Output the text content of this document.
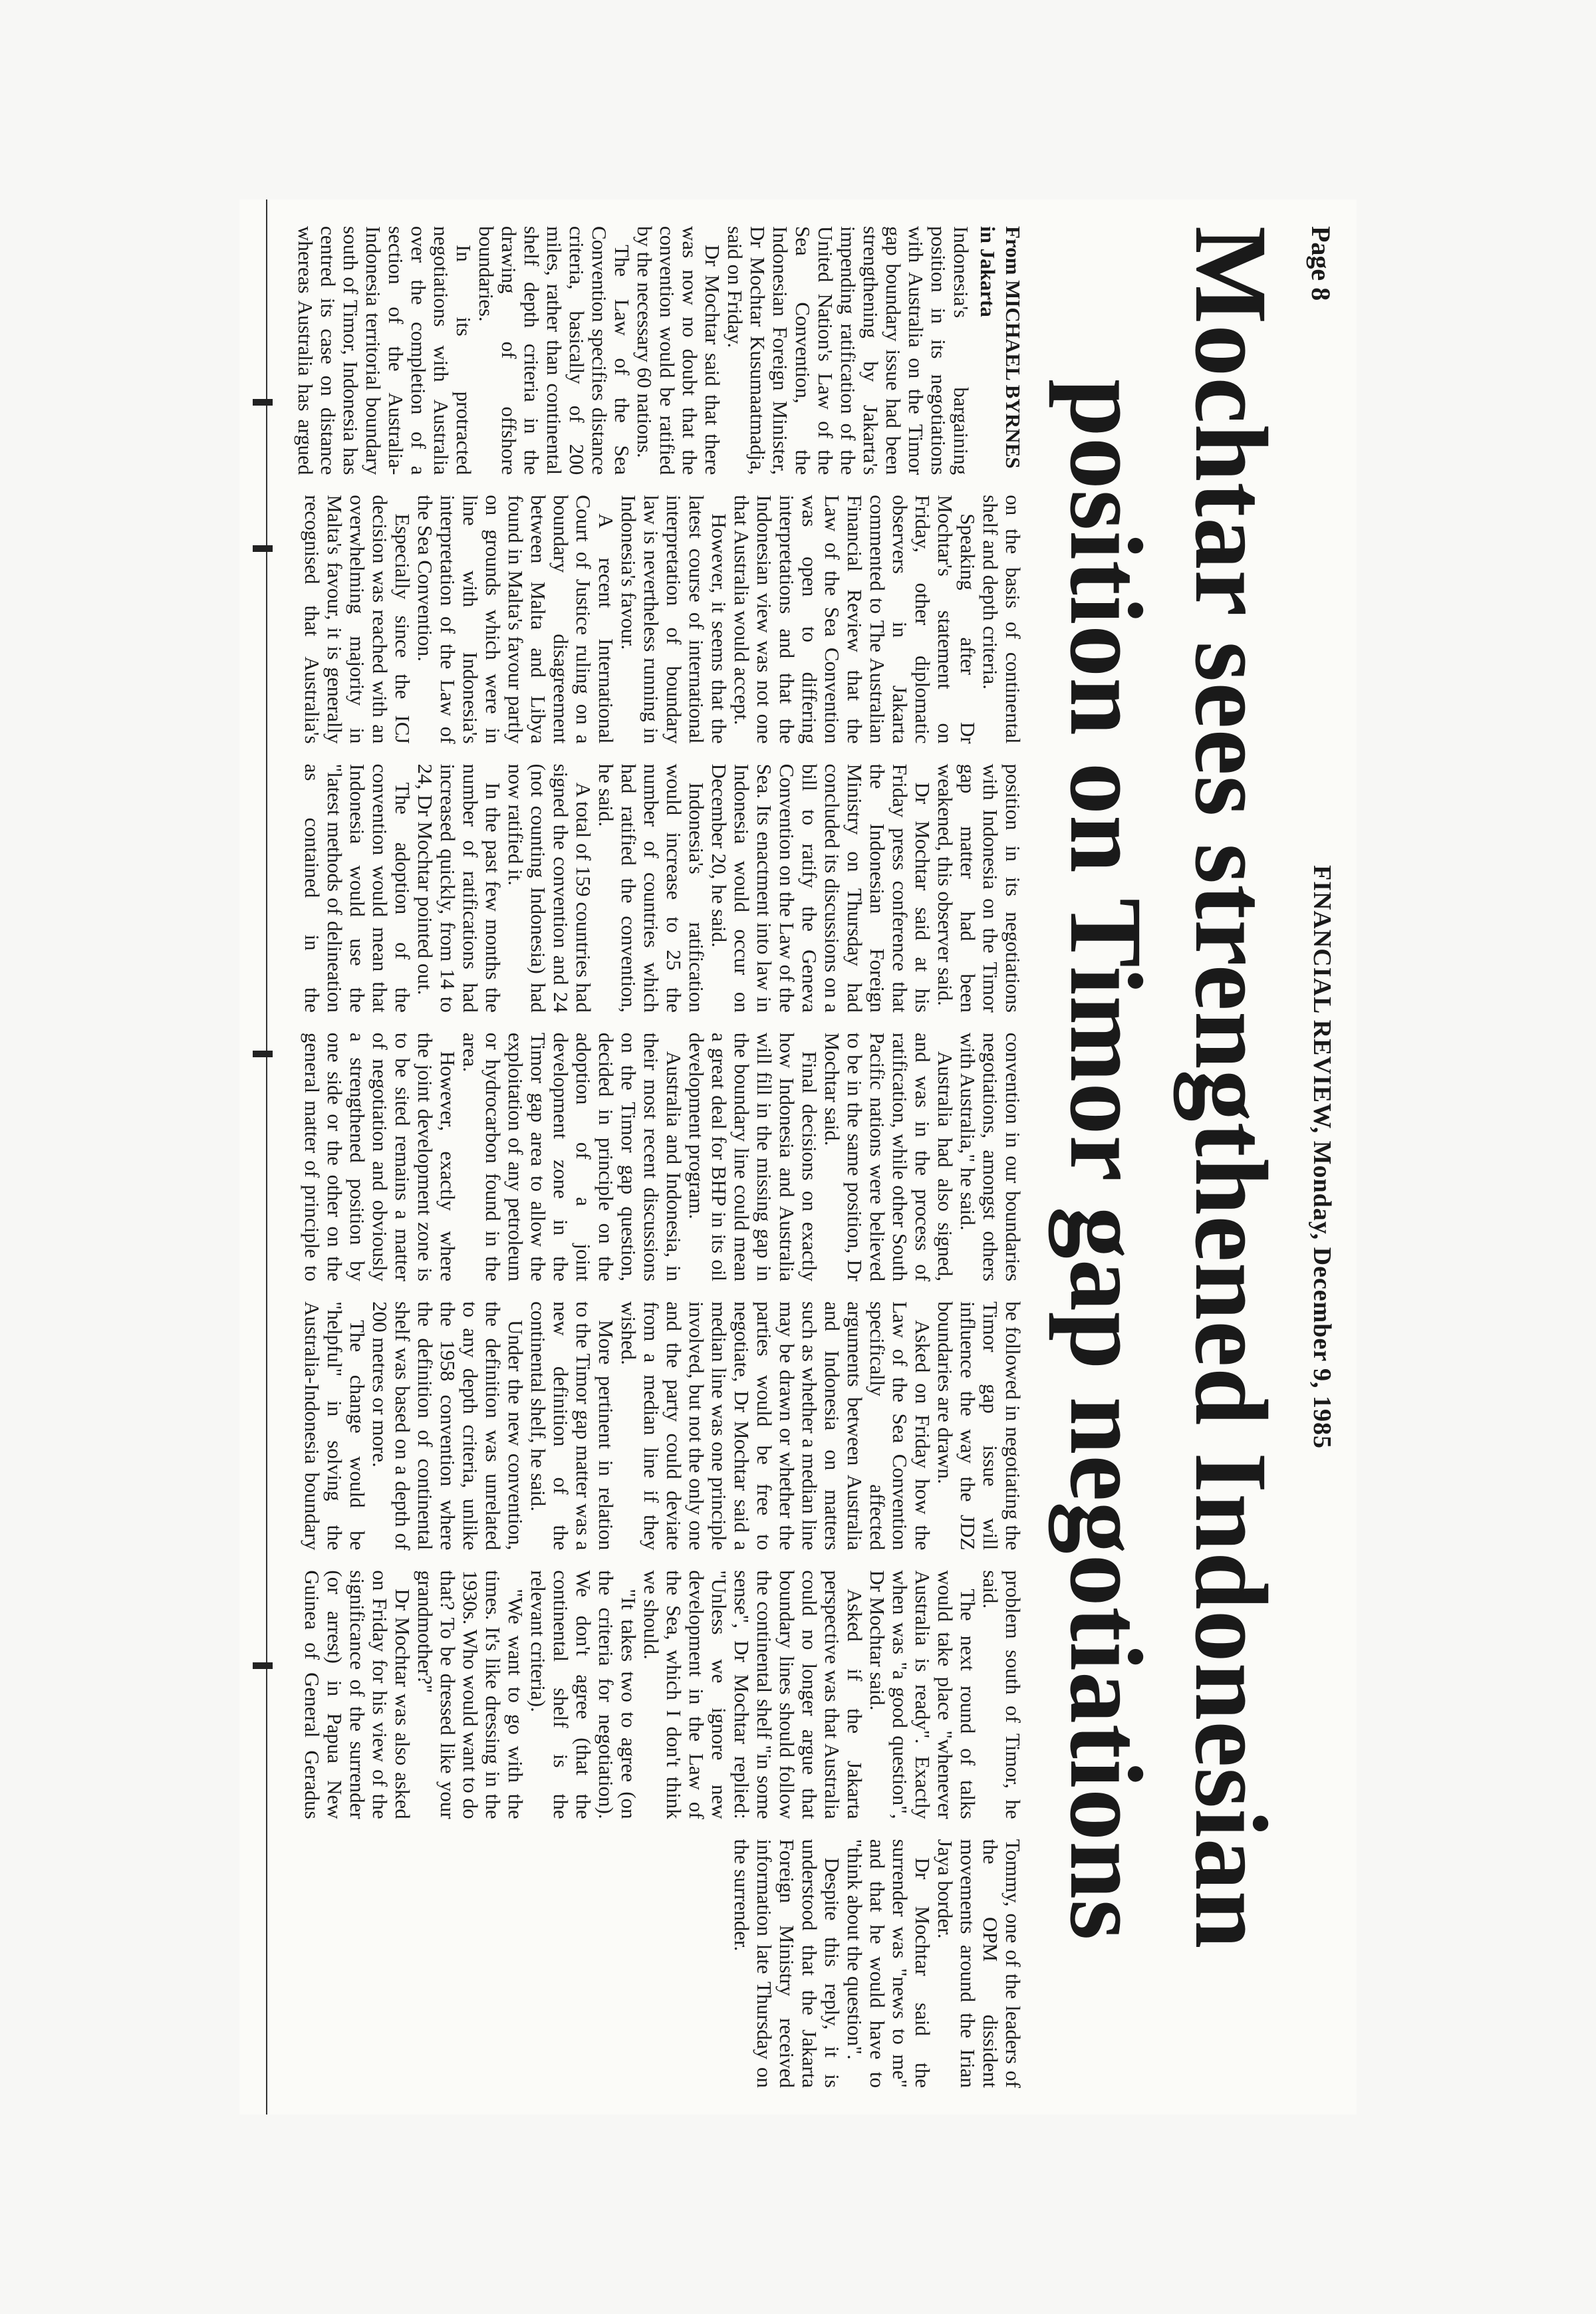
Page 8
FINANCIAL REVIEW, Monday, December 9, 1985
Mochtar sees strengthened Indonesian
position on Timor gap negotiations
From MICHAEL BYRNES
in Jakarta

Indonesia's bargaining position in its negotiations with Australia on the Timor gap boundary issue had been strengthening by Jakarta's impending ratification of the United Nation's Law of the Sea Convention, the Indonesian Foreign Minister, Dr Mochtar Kusumaatmadja, said on Friday.

Dr Mochtar said that there was now no doubt that the convention would be ratified by the necessary 60 nations.

The Law of the Sea Convention specifies distance criteria, basically of 200 miles, rather than continental shelf depth criteria in the drawing of offshore boundaries.

In its protracted negotiations with Australia over the completion of a section of the Australia-Indonesia territorial boundary south of Timor, Indonesia has centred its case on distance whereas Australia has argued on the basis of continental shelf and depth criteria.

Speaking after Dr Mochtar's statement on Friday, other diplomatic observers in Jakarta commented to The Australian Financial Review that the Law of the Sea Convention was open to differing interpretations and that the Indonesian view was not one that Australia would accept.

However, it seems that the latest course of international interpretation of boundary law is nevertheless running in Indonesia's favour.

A recent International Court of Justice ruling on a boundary disagreement between Malta and Libya found in Malta's favour partly on grounds which were in line with Indonesia's interpretation of the Law of the Sea Convention.

Especially since the ICJ decision was reached with an overwhelming majority in Malta's favour, it is generally recognised that Australia's position in its negotiations with Indonesia on the Timor gap matter had been weakened, this observer said.

Dr Mochtar said at his Friday press conference that the Indonesian Foreign Ministry on Thursday had concluded its discussions on a bill to ratify the Geneva Convention on the Law of the Sea. Its enactment into law in Indonesia would occur on December 20, he said.

Indonesia's ratification would increase to 25 the number of countries which had ratified the convention, he said.

A total of 159 countries had signed the convention and 24 (not counting Indonesia) had now ratified it.

In the past few months the number of ratifications had increased quickly, from 14 to 24, Dr Mochtar pointed out.

The adoption of the convention would mean that Indonesia would use the "latest methods of delineation as contained in the convention in our boundaries negotiations, amongst others with Australia," he said.

Australia had also signed, and was in the process of ratification, while other South Pacific nations were believed to be in the same position, Dr Mochtar said.

Final decisions on exactly how Indonesia and Australia will fill in the missing gap in the boundary line could mean a great deal for BHP in its oil development program.

Australia and Indonesia, in their most recent discussions on the Timor gap question, decided in principle on the adoption of a joint development zone in the Timor gap area to allow the exploitation of any petroleum or hydrocarbon found in the area.

However, exactly where the joint development zone is to be sited remains a matter of negotiation and obviously a strengthened position by one side or the other on the general matter of principle to be followed in negotiating the Timor gap issue will influence the way the JDZ boundaries are drawn.

Asked on Friday how the Law of the Sea Convention specifically affected arguments between Australia and Indonesia on matters such as whether a median line may be drawn or whether the parties would be free to negotiate, Dr Mochtar said a median line was one principle involved, but not the only one and the party could deviate from a median line if they wished.

More pertinent in relation to the Timor gap matter was a new definition of the continental shelf, he said.

Under the new convention, the definition was unrelated to any depth criteria, unlike the 1958 convention where the definition of continental shelf was based on a depth of 200 metres or more.

The change would be "helpful" in solving the Australia-Indonesia boundary problem south of Timor, he said.

The next round of talks would take place "whenever Australia is ready". Exactly when was "a good question", Dr Mochtar said.

Asked if the Jakarta perspective was that Australia could no longer argue that boundary lines should follow the continental shelf "in some sense", Dr Mochtar replied: "Unless we ignore new development in the Law of the Sea, which I don't think we should.

"It takes two to agree (on the criteria for negotiation). We don't agree (that the continental shelf is the relevant criteria).

"We want to go with the times. It's like dressing in the 1930s. Who would want to do that? To be dressed like your grandmother?"

Dr Mochtar was also asked on Friday for his view of the significance of the surrender (or arrest) in Papua New Guinea of General Geradus Tommy, one of the leaders of the OPM dissident movements around the Irian Jaya border.

Dr Mochtar said the surrender was "news to me" and that he would have to "think about the question".

Despite this reply, it is understood that the Jakarta Foreign Ministry received information late Thursday on the surrender.
